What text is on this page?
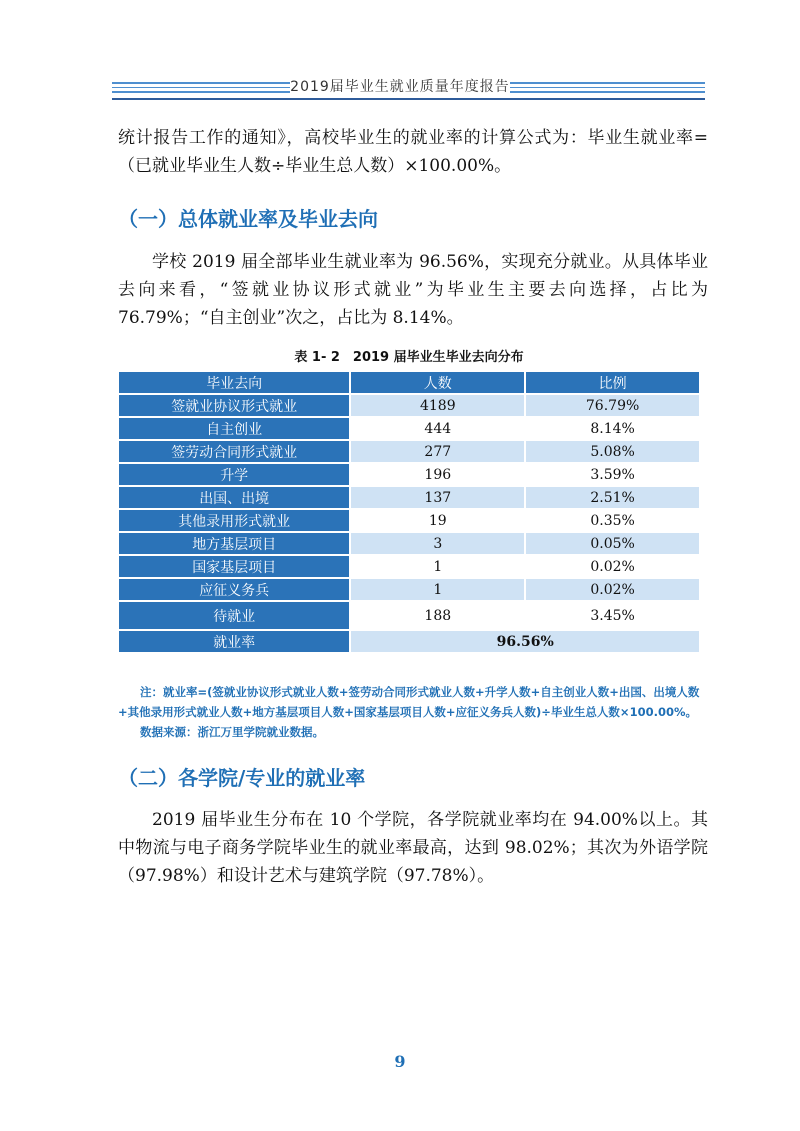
2019届毕业生就业质量年度报告
统计报告工作的通知》，高校毕业生的就业率的计算公式为：毕业生就业率=（已就业毕业生人数÷毕业生总人数）×100.00%。
（一）总体就业率及毕业去向
学校 2019 届全部毕业生就业率为 96.56%，实现充分就业。从具体毕业去向来看，“签就业协议形式就业”为毕业生主要去向选择，占比为 76.79%；“自主创业”次之，占比为 8.14%。
表 1- 2　2019 届毕业生毕业去向分布
毕业去向	人数	比例
签就业协议形式就业	4189	76.79%
自主创业	444	8.14%
签劳动合同形式就业	277	5.08%
升学	196	3.59%
出国、出境	137	2.51%
其他录用形式就业	19	0.35%
地方基层项目	3	0.05%
国家基层项目	1	0.02%
应征义务兵	1	0.02%
待就业	188	3.45%
就业率	96.56%	
注：就业率=(签就业协议形式就业人数+签劳动合同形式就业人数+升学人数+自主创业人数+出国、出境人数
+其他录用形式就业人数+地方基层项目人数+国家基层项目人数+应征义务兵人数)÷毕业生总人数×100.00%。
数据来源：浙江万里学院就业数据。
（二）各学院/专业的就业率
2019 届毕业生分布在 10 个学院，各学院就业率均在 94.00%以上。其中物流与电子商务学院毕业生的就业率最高，达到 98.02%；其次为外语学院（97.98%）和设计艺术与建筑学院（97.78%）。
9
